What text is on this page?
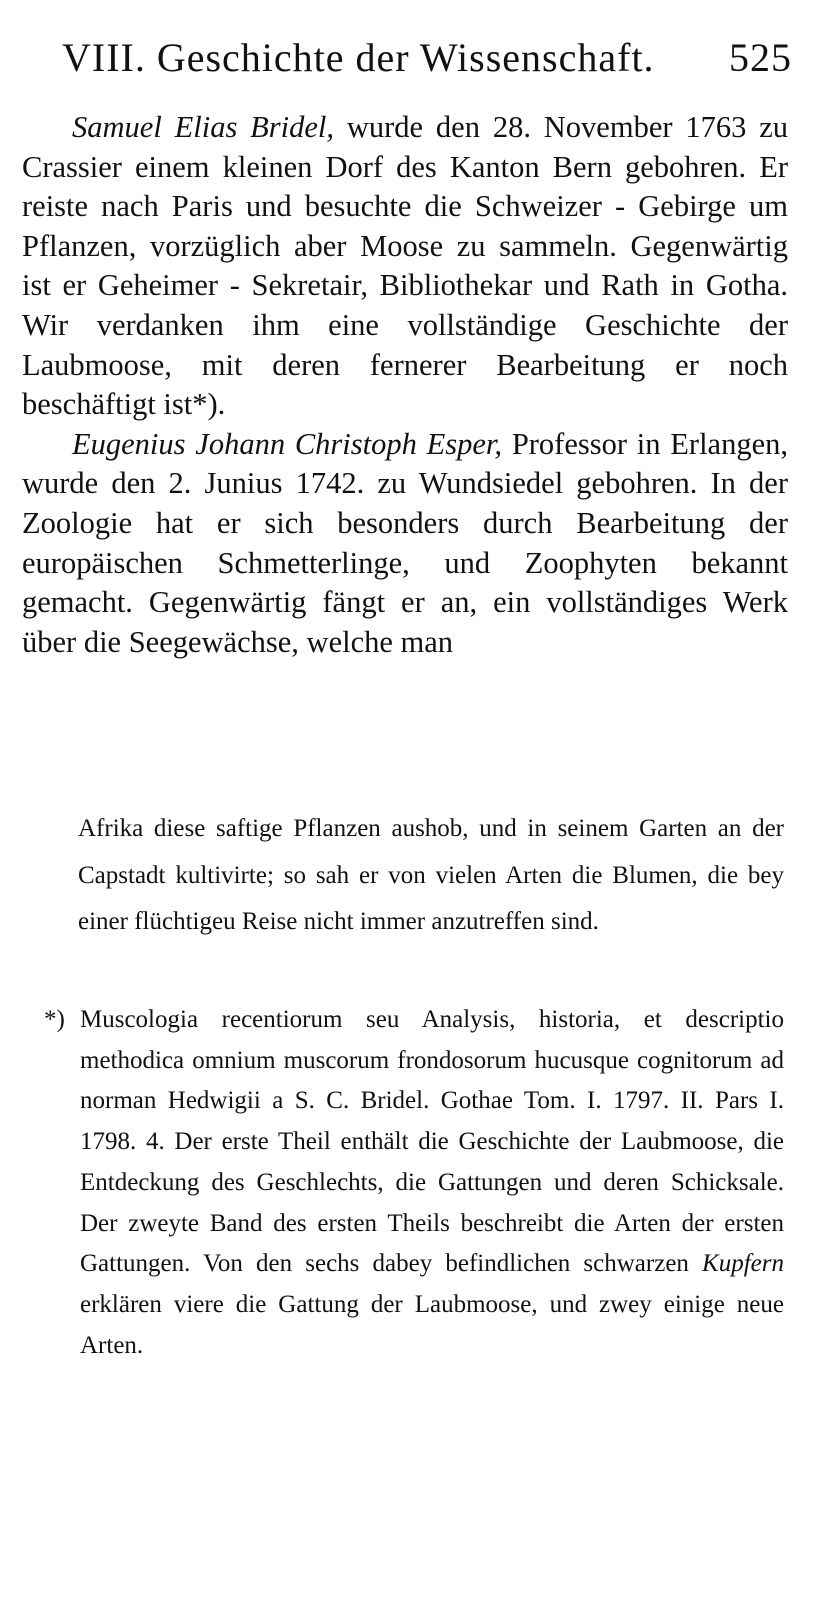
VIII. Geschichte der Wissenschaft. 525

Samuel Elias Bridel, wurde den 28. November 1763 zu Crassier einem kleinen Dorf des Kanton Bern gebohren. Er reiste nach Paris und besuchte die Schweizer - Gebirge um Pflanzen, vorzüglich aber Moose zu sammeln. Gegenwärtig ist er Geheimer - Sekretair, Bibliothekar und Rath in Gotha. Wir verdanken ihm eine vollständige Geschichte der Laubmoose, mit deren fernerer Bearbeitung er noch beschäftigt ist*).

Eugenius Johann Christoph Esper, Professor in Erlangen, wurde den 2. Junius 1742. zu Wundsiedel gebohren. In der Zoologie hat er sich besonders durch Bearbeitung der europäischen Schmetterlinge, und Zoophyten bekannt gemacht. Gegenwärtig fängt er an, ein vollständiges Werk über die Seegewächse, welche man

Afrika diese saftige Pflanzen aushob, und in seinem Garten an der Capstadt kultivirte; so sah er von vielen Arten die Blumen, die bey einer flüchtigeu Reise nicht immer anzutreffen sind.

*) Muscologia recentiorum seu Analysis, historia, et descriptio methodica omnium muscorum frondosorum hucusque cognitorum ad norman Hedwigii a S. C. Bridel. Gothae Tom. I. 1797. II. Pars I. 1798. 4. Der erste Theil enthält die Geschichte der Laubmoose, die Entdeckung des Geschlechts, die Gattungen und deren Schicksale. Der zweyte Band des ersten Theils beschreibt die Arten der ersten Gattungen. Von den sechs dabey befindlichen schwarzen Kupfern erklären viere die Gattung der Laubmoose, und zwey einige neue Arten.
